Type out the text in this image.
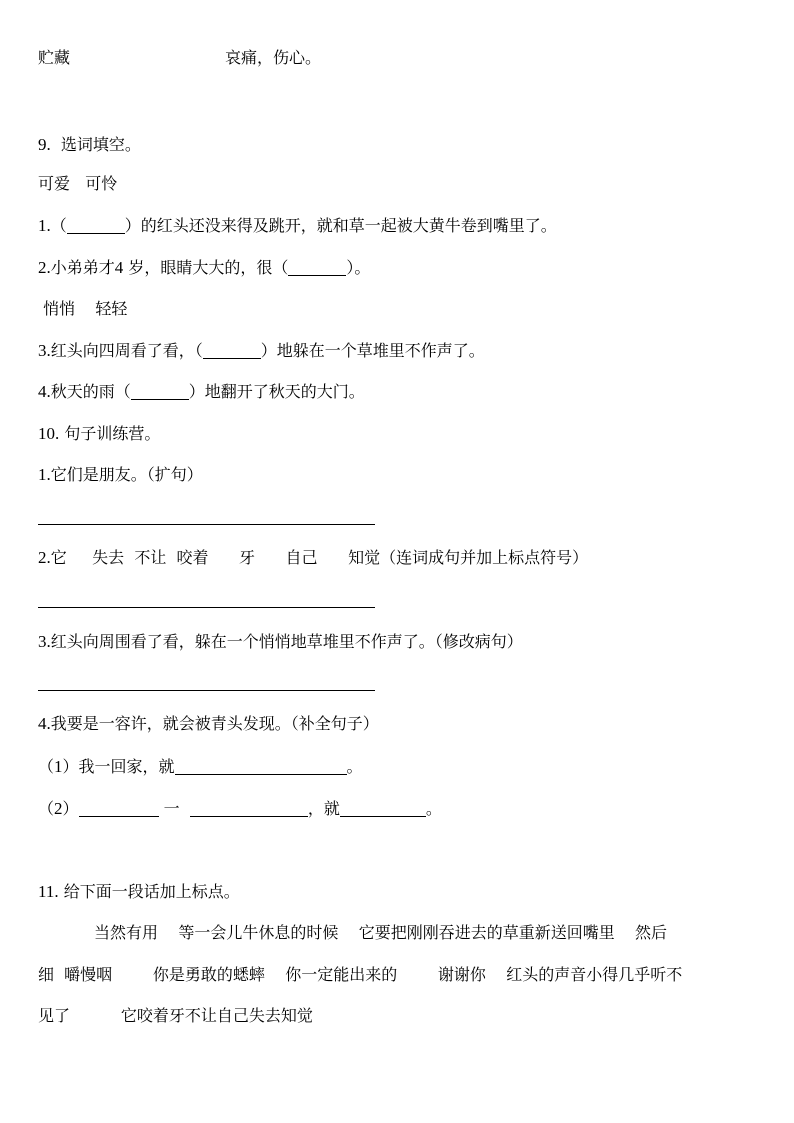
贮藏	哀痛，伤心。
9. 选词填空。
可爱   可怜
1.（	）的红头还没来得及跳开，就和草一起被大黄牛卷到嘴里了。
2.小弟弟才4 岁，眼睛大大的，很（	）。
悄悄    轻轻
3.红头向四周看了看，（	）地躲在一个草堆里不作声了。
4.秋天的雨（	）地翻开了秋天的大门。
10. 句子训练营。
1.它们是朋友。（扩句）
2.它     失去  不让  咬着      牙      自己      知觉（连词成句并加上标点符号）
3.红头向周围看了看，躲在一个悄悄地草堆里不作声了。（修改病句）
4.我要是一容许，就会被青头发现。（补全句子）
（1）我一回家，就	。
（2）	一	，就	。
11. 给下面一段话加上标点。
当然有用    等一会儿牛休息的时候    它要把刚刚吞进去的草重新送回嘴里    然后
细  嚼慢咽        你是勇敢的蟋蟀    你一定能出来的        谢谢你    红头的声音小得几乎听不
见了          它咬着牙不让自己失去知觉
